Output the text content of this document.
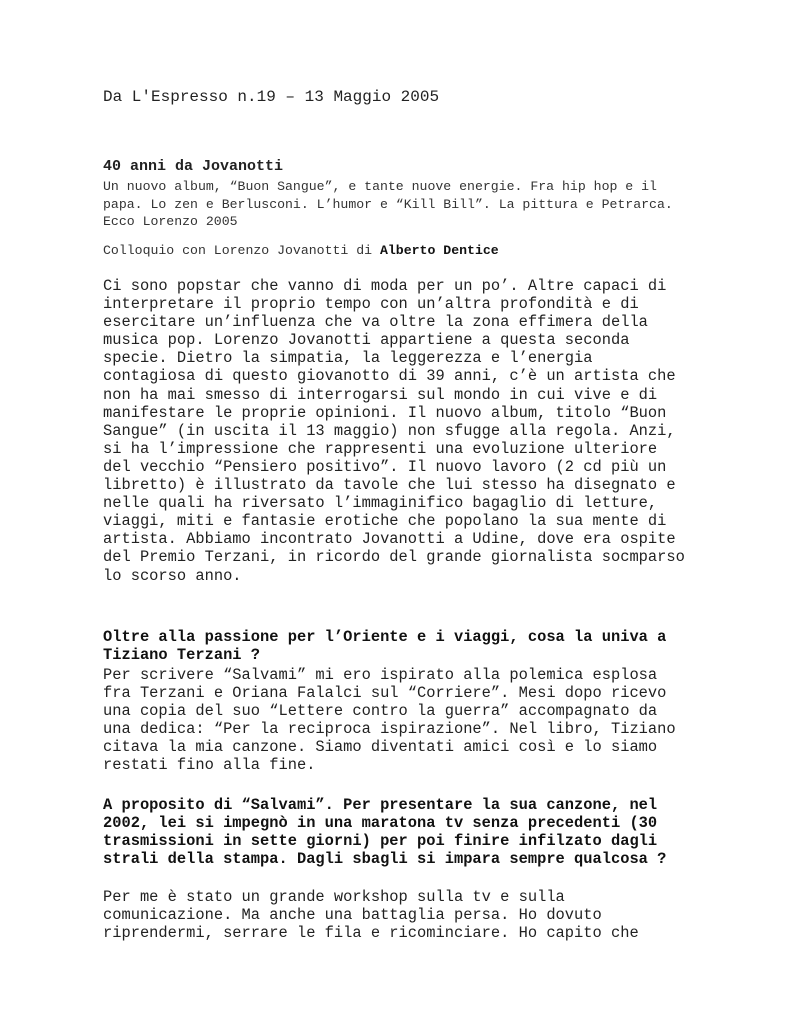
Da L'Espresso n.19 – 13 Maggio 2005
40 anni da Jovanotti

Un nuovo album, “Buon Sangue”, e tante nuove energie. Fra hip hop e il papa. Lo zen e Berlusconi. L’humor e “Kill Bill”. La pittura e Petrarca. Ecco Lorenzo 2005

Colloquio con Lorenzo Jovanotti di Alberto Dentice

Ci sono popstar che vanno di moda per un po’. Altre capaci di interpretare il proprio tempo con un’altra profondità e di esercitare un’influenza che va oltre la zona effimera della musica pop. Lorenzo Jovanotti appartiene a questa seconda specie. Dietro la simpatia, la leggerezza e l’energia contagiosa di questo giovanotto di 39 anni, c’è un artista che non ha mai smesso di interrogarsi sul mondo in cui vive e di manifestare le proprie opinioni. Il nuovo album, titolo “Buon Sangue” (in uscita il 13 maggio) non sfugge alla regola. Anzi, si ha l’impressione che rappresenti una evoluzione ulteriore del vecchio “Pensiero positivo”. Il nuovo lavoro (2 cd più un libretto) è illustrato da tavole che lui stesso ha disegnato e nelle quali ha riversato l’immaginifico bagaglio di letture, viaggi, miti e fantasie erotiche che popolano la sua mente di artista. Abbiamo incontrato Jovanotti a Udine, dove era ospite del Premio Terzani, in ricordo del grande giornalista socmparso lo scorso anno.

Oltre alla passione per l’Oriente e i viaggi, cosa la univa a Tiziano Terzani ?

Per scrivere “Salvami” mi ero ispirato alla polemica esplosa fra Terzani e Oriana Falalci sul “Corriere”. Mesi dopo ricevo una copia del suo “Lettere contro la guerra” accompagnato da una dedica: “Per la reciproca ispirazione”. Nel libro, Tiziano citava la mia canzone. Siamo diventati amici così e lo siamo restati fino alla fine.

A proposito di “Salvami”. Per presentare la sua canzone, nel 2002, lei si impegnò in una maratona tv senza precedenti (30 trasmissioni in sette giorni) per poi finire infilzato dagli strali della stampa. Dagli sbagli si impara sempre qualcosa ?

Per me è stato un grande workshop sulla tv e sulla comunicazione. Ma anche una battaglia persa. Ho dovuto riprendermi, serrare le fila e ricominciare. Ho capito che
